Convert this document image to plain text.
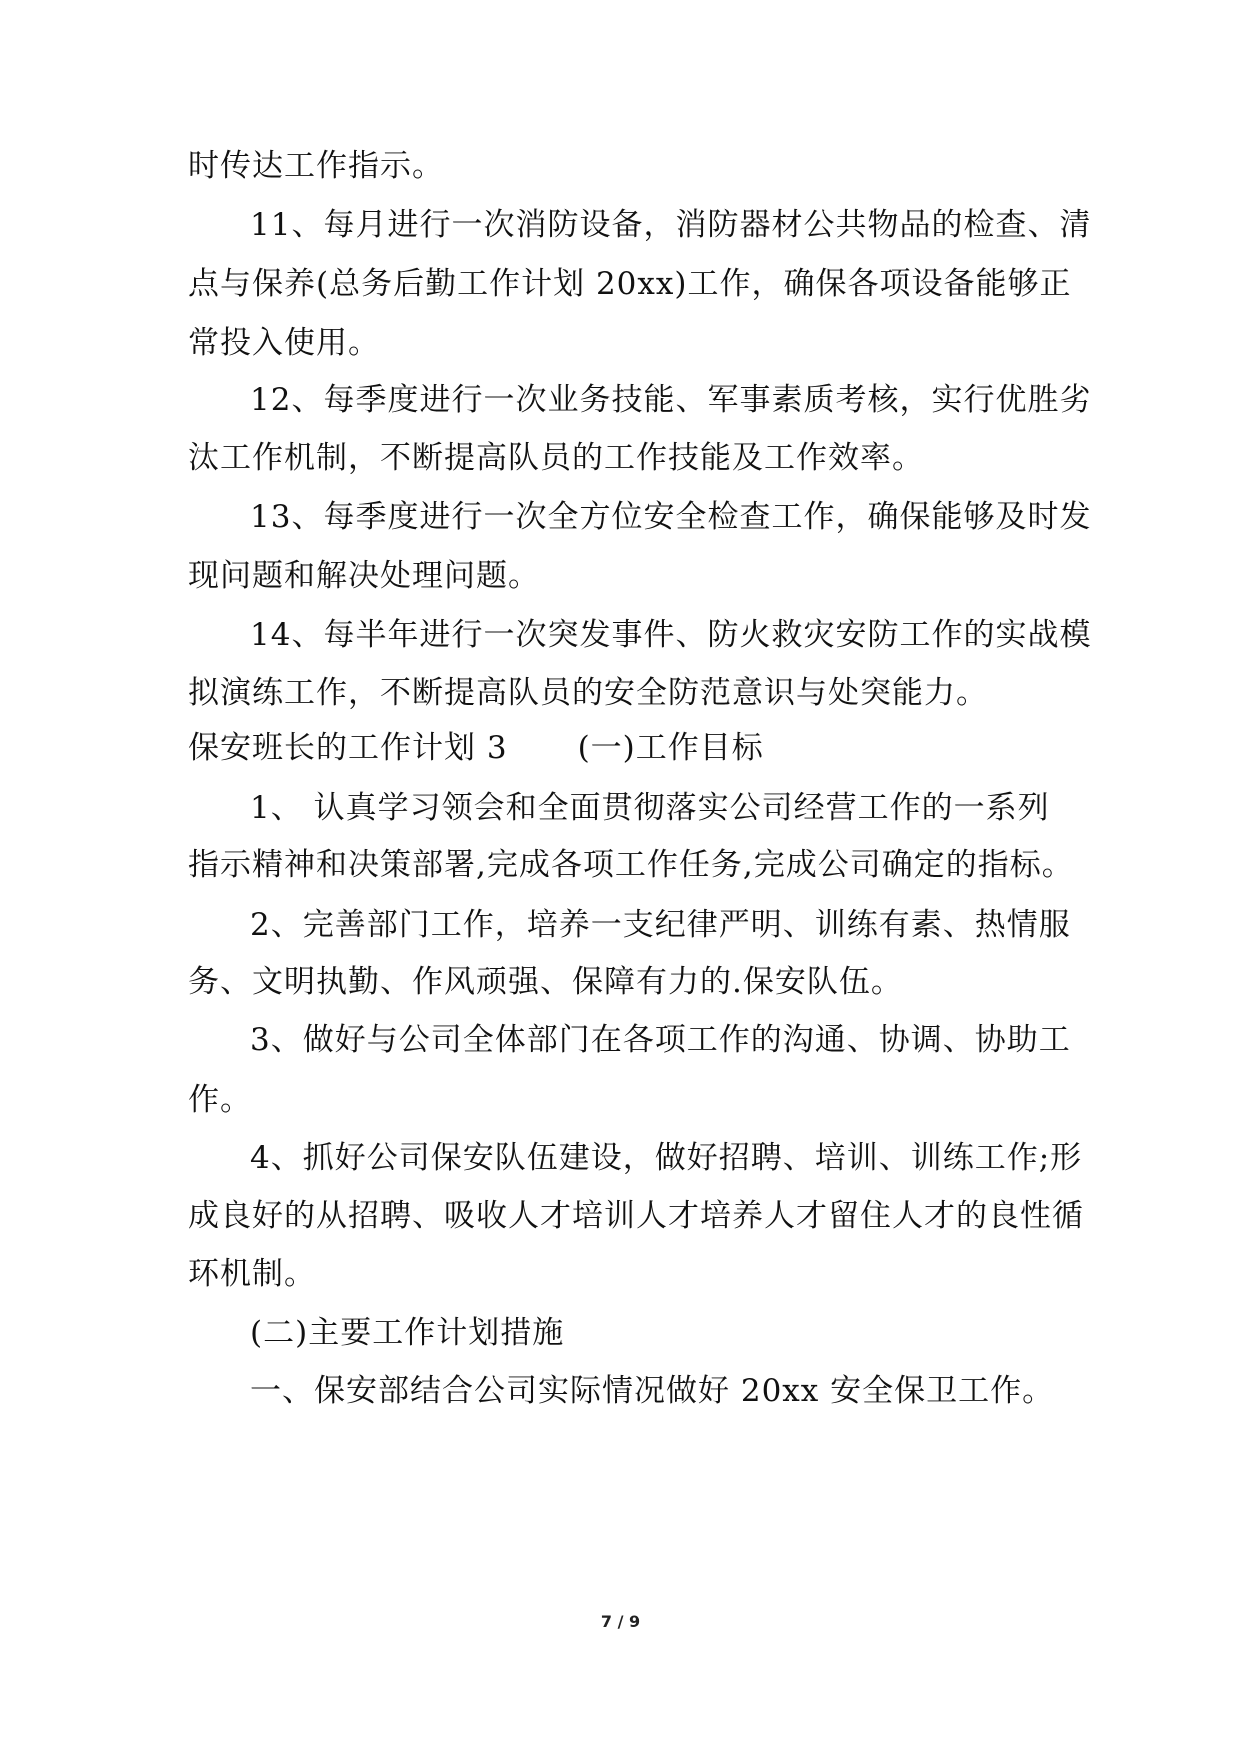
时传达工作指示。
11、每月进行一次消防设备，消防器材公共物品的检查、清
点与保养(总务后勤工作计划 20xx)工作，确保各项设备能够正
常投入使用。
12、每季度进行一次业务技能、军事素质考核，实行优胜劣
汰工作机制，不断提高队员的工作技能及工作效率。
13、每季度进行一次全方位安全检查工作，确保能够及时发
现问题和解决处理问题。
14、每半年进行一次突发事件、防火救灾安防工作的实战模
拟演练工作，不断提高队员的安全防范意识与处突能力。
保安班长的工作计划 3 (一)工作目标
1、 认真学习领会和全面贯彻落实公司经营工作的一系列
指示精神和决策部署,完成各项工作任务,完成公司确定的指标。
2、完善部门工作，培养一支纪律严明、训练有素、热情服
务、文明执勤、作风顽强、保障有力的.保安队伍。
3、做好与公司全体部门在各项工作的沟通、协调、协助工
作。
4、抓好公司保安队伍建设，做好招聘、培训、训练工作;形
成良好的从招聘、吸收人才培训人才培养人才留住人才的良性循
环机制。
(二)主要工作计划措施
一、保安部结合公司实际情况做好 20xx 安全保卫工作。
7 / 9
